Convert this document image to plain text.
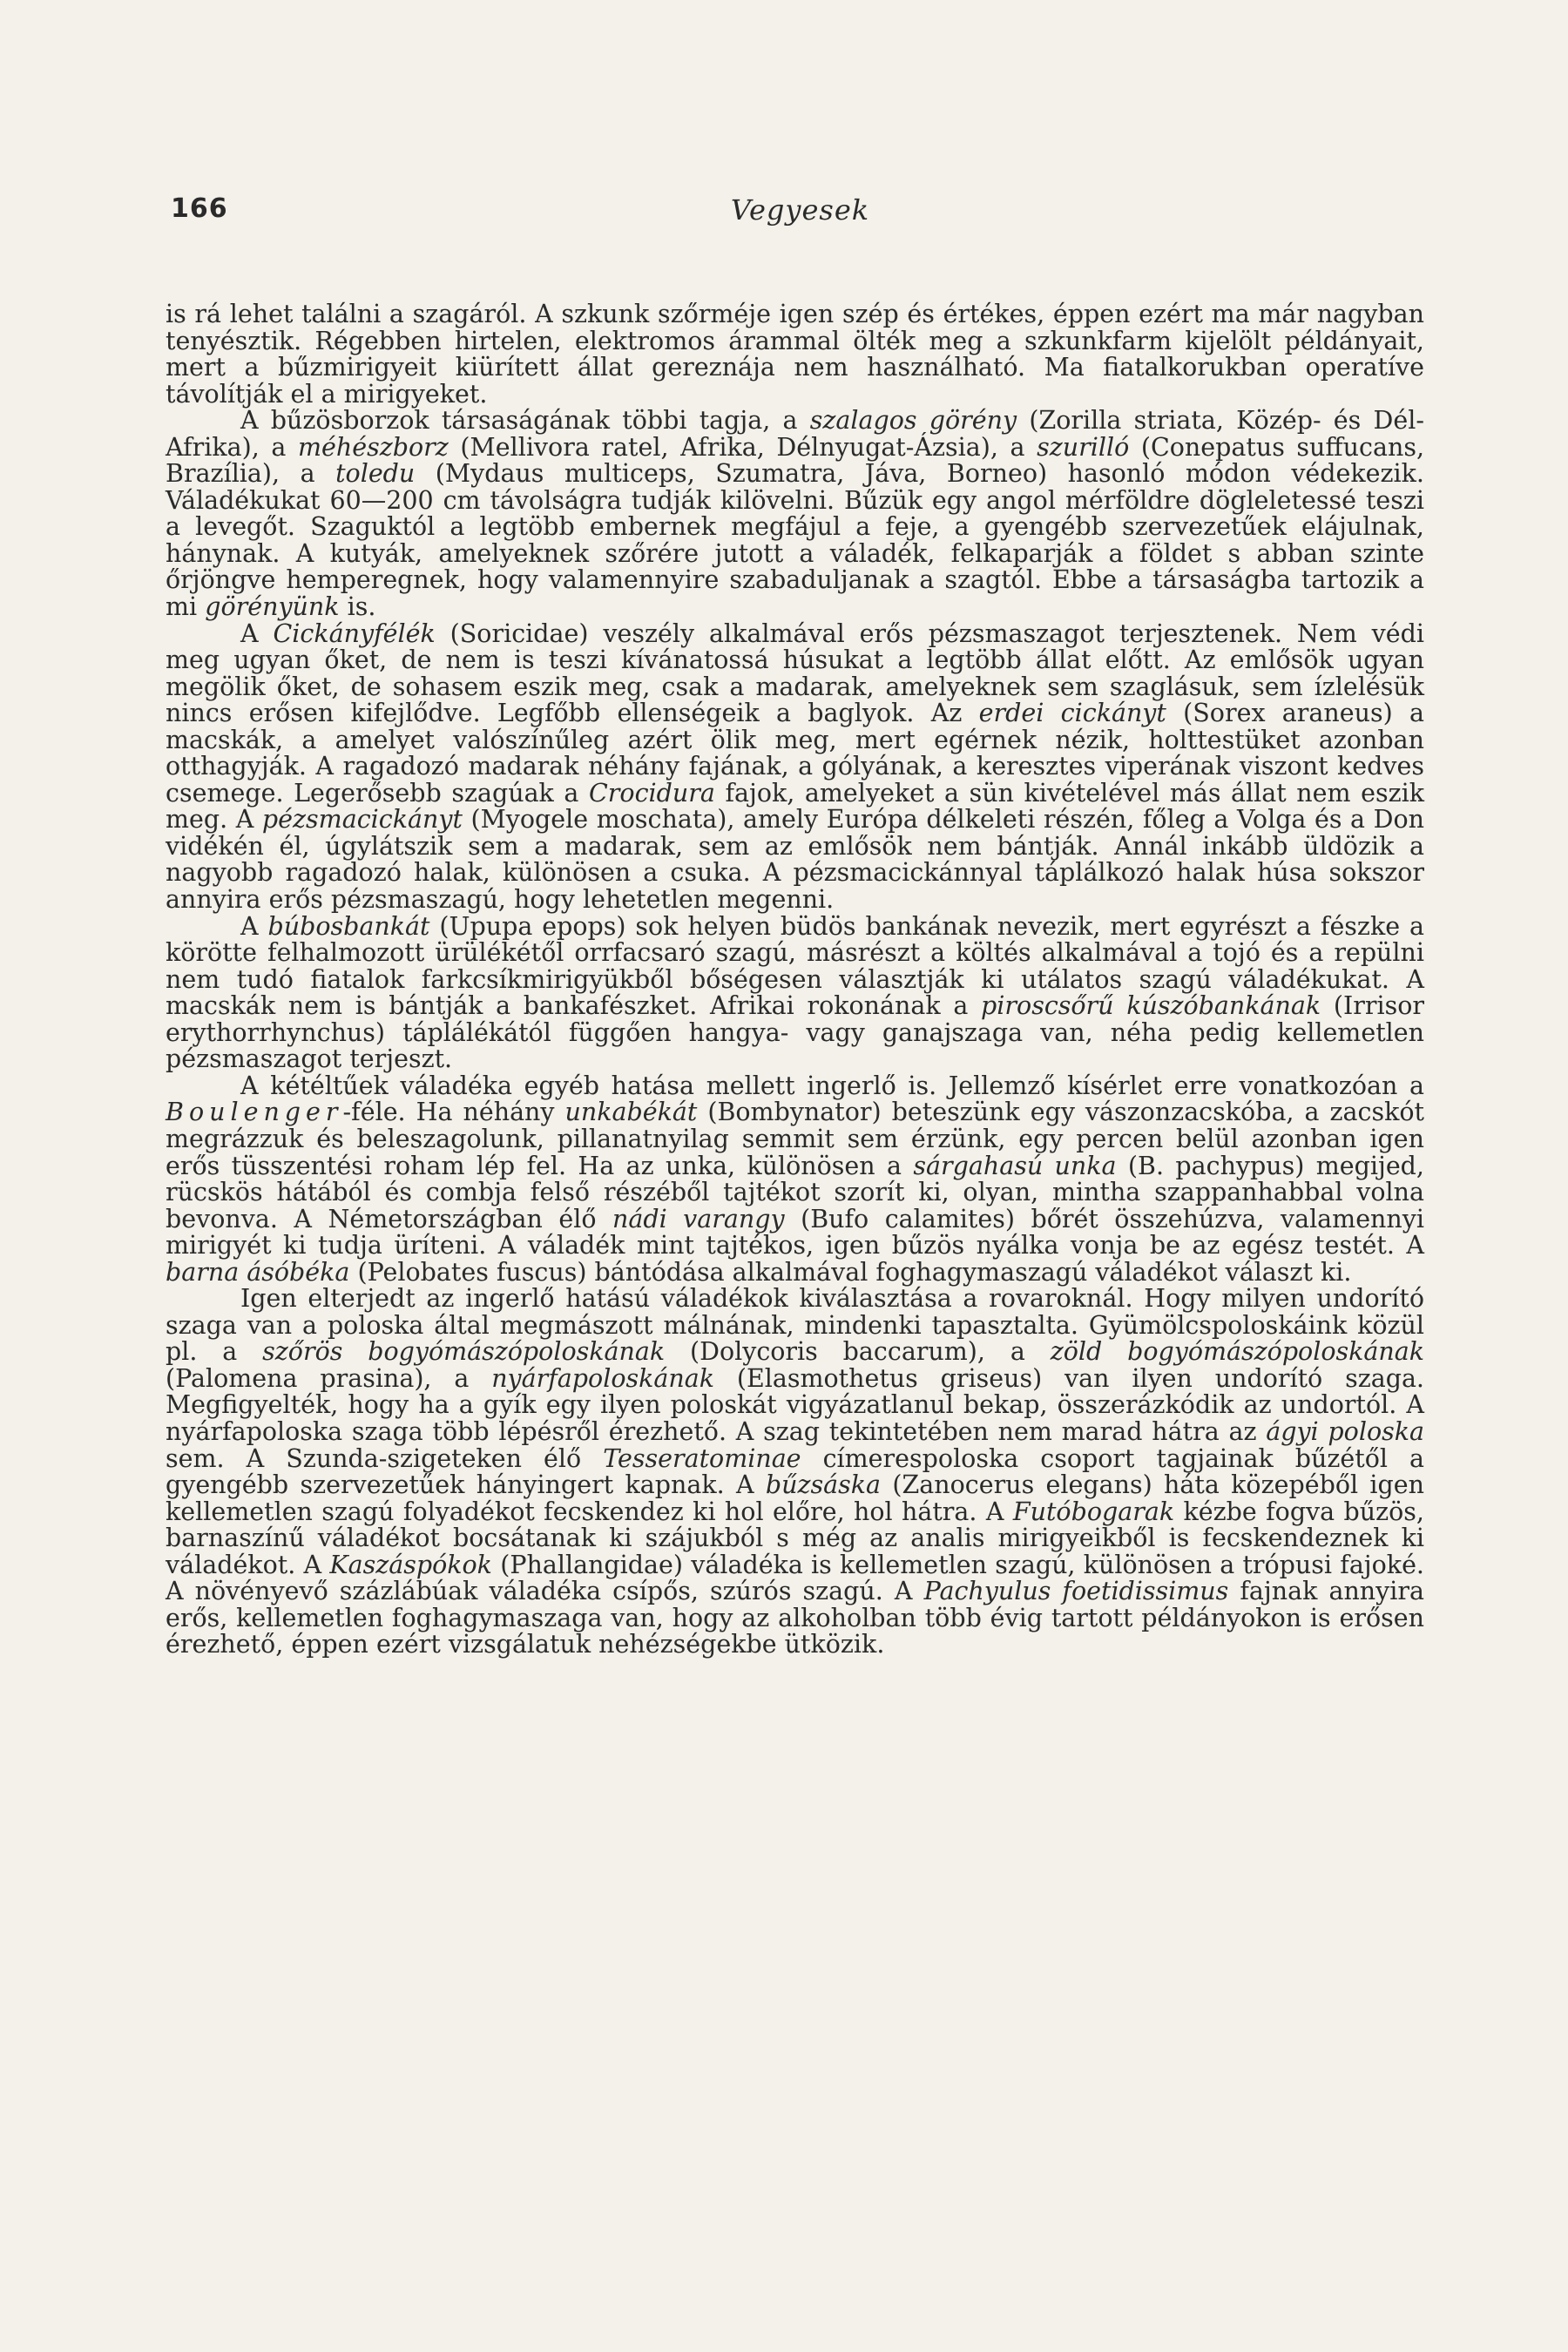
166	Vegyesek

is rá lehet találni a szagáról. A szkunk szőrméje igen szép és értékes, éppen ezért ma már nagyban tenyésztik. Régebben hirtelen, elektromos árammal ölték meg a szkunkfarm kijelölt példányait, mert a bűzmirigyeit kiürített állat gereznája nem használható. Ma fiatalkorukban operatíve távolítják el a mirigyeket.

A bűzösborzok társaságának többi tagja, a szalagos görény (Zorilla striata, Közép- és Dél-Afrika), a méhészborz (Mellivora ratel, Afrika, Délnyugat-Ázsia), a szurilló (Conepatus suffucans, Brazília), a toledu (Mydaus multiceps, Szumatra, Jáva, Borneo) hasonló módon védekezik. Váladékukat 60—200 cm távolságra tudják kilövelni. Bűzük egy angol mérföldre dögleletessé teszi a levegőt. Szaguktól a legtöbb embernek megfájul a feje, a gyengébb szervezetűek elájulnak, hánynak. A kutyák, amelyeknek szőrére jutott a váladék, felkaparják a földet s abban szinte őrjöngve hemperegnek, hogy valamennyire szabaduljanak a szagtól. Ebbe a társaságba tartozik a mi görényünk is.

A Cickányfélék (Soricidae) veszély alkalmával erős pézsmaszagot terjesztenek. Nem védi meg ugyan őket, de nem is teszi kívánatossá húsukat a legtöbb állat előtt. Az emlősök ugyan megölik őket, de sohasem eszik meg, csak a madarak, amelyeknek sem szaglásuk, sem ízlelésük nincs erősen kifejlődve. Legfőbb ellenségeik a baglyok. Az erdei cickányt (Sorex araneus) a macskák, a amelyet valószínűleg azért ölik meg, mert egérnek nézik, holttestüket azonban otthagyják. A ragadozó madarak néhány fajának, a gólyának, a keresztes viperának viszont kedves csemege. Legerősebb szagúak a Crocidura fajok, amelyeket a sün kivételével más állat nem eszik meg. A pézsmacickányt (Myogele moschata), amely Európa délkeleti részén, főleg a Volga és a Don vidékén él, úgylátszik sem a madarak, sem az emlősök nem bántják. Annál inkább üldözik a nagyobb ragadozó halak, különösen a csuka. A pézsmacickánnyal táplálkozó halak húsa sokszor annyira erős pézsmaszagú, hogy lehetetlen megenni.

A búbosbankát (Upupa epops) sok helyen büdös bankának nevezik, mert egyrészt a fészke a körötte felhalmozott ürülékétől orrfacsaró szagú, másrészt a költés alkalmával a tojó és a repülni nem tudó fiatalok farkcsíkmirigyükből bőségesen választják ki utálatos szagú váladékukat. A macskák nem is bántják a bankafészket. Afrikai rokonának a piroscsőrű kúszóbankának (Irrisor erythorrhynchus) táplálékától függően hangya- vagy ganajszaga van, néha pedig kellemetlen pézsmaszagot terjeszt.

A kétéltűek váladéka egyéb hatása mellett ingerlő is. Jellemző kísérlet erre vonatkozóan a Boulenger-féle. Ha néhány unkabékát (Bombynator) beteszünk egy vászonzacskóba, a zacskót megrázzuk és beleszagolunk, pillanatnyilag semmit sem érzünk, egy percen belül azonban igen erős tüsszentési roham lép fel. Ha az unka, különösen a sárgahasú unka (B. pachypus) megijed, rücskös hátából és combja felső részéből tajtékot szorít ki, olyan, mintha szappanhabbal volna bevonva. A Németországban élő nádi varangy (Bufo calamites) bőrét összehúzva, valamennyi mirigyét ki tudja üríteni. A váladék mint tajtékos, igen bűzös nyálka vonja be az egész testét. A barna ásóbéka (Pelobates fuscus) bántódása alkalmával foghagymaszagú váladékot választ ki.

Igen elterjedt az ingerlő hatású váladékok kiválasztása a rovaroknál. Hogy milyen undorító szaga van a poloska által megmászott málnának, mindenki tapasztalta. Gyümölcspoloskáink közül pl. a szőrös bogyómászópoloskának (Dolycoris baccarum), a zöld bogyómászópoloskának (Palomena prasina), a nyárfapoloskának (Elasmothetus griseus) van ilyen undorító szaga. Megfigyelték, hogy ha a gyík egy ilyen poloskát vigyázatlanul bekap, összerázkódik az undortól. A nyárfapoloska szaga több lépésről érezhető. A szag tekintetében nem marad hátra az ágyi poloska sem. A Szunda-szigeteken élő Tesseratominae címerespoloska csoport tagjainak bűzétől a gyengébb szervezetűek hányingert kapnak. A bűzsáska (Zanocerus elegans) háta közepéből igen kellemetlen szagú folyadékot fecskendez ki hol előre, hol hátra. A Futóbogarak kézbe fogva bűzös, barnaszínű váladékot bocsátanak ki szájukból s még az analis mirigyeikből is fecskendeznek ki váladékot. A Kaszáspókok (Phallangidae) váladéka is kellemetlen szagú, különösen a trópusi fajoké. A növényevő százlábúak váladéka csípős, szúrós szagú. A Pachyulus foetidissimus fajnak annyira erős, kellemetlen foghagymaszaga van, hogy az alkoholban több évig tartott példányokon is erősen érezhető, éppen ezért vizsgálatuk nehézségekbe ütközik.
